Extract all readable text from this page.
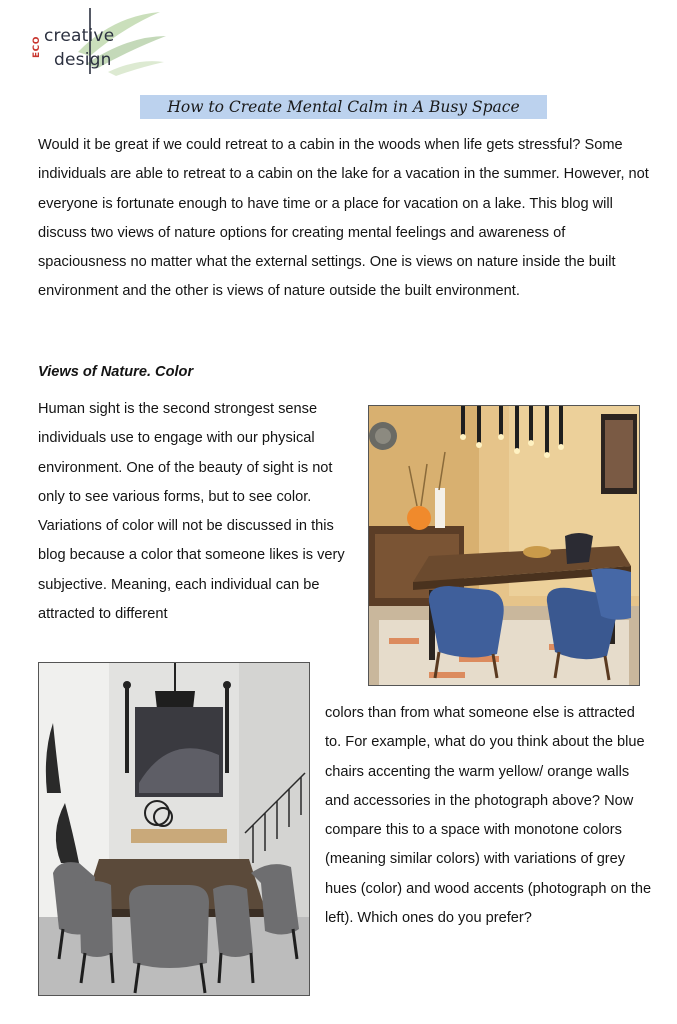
creative
design
ECO
How to Create Mental Calm in A Busy Space
Would it be great if we could retreat to a cabin in the woods when life gets stressful? Some individuals are able to retreat to a cabin on the lake for a vacation in the summer. However, not everyone is fortunate enough to have time or a place for vacation on a lake. This blog will discuss two views of nature options for creating mental feelings and awareness of spaciousness no matter what the external settings. One is views on nature inside the built environment and the other is views of nature outside the built environment.
Views of Nature. Color
Human sight is the second strongest sense individuals use to engage with our physical environment. One of the beauty of sight is not only to see various forms, but to see color. Variations of color will not be discussed in this blog because a color that someone likes is very subjective. Meaning, each individual can be attracted to different
colors than from what someone else is attracted to. For example, what do you think about the blue chairs accenting the warm yellow/ orange walls and accessories in the photograph above? Now compare this to a space with monotone colors (meaning similar colors) with variations of grey hues (color) and wood accents (photograph on the left). Which ones do you prefer?
